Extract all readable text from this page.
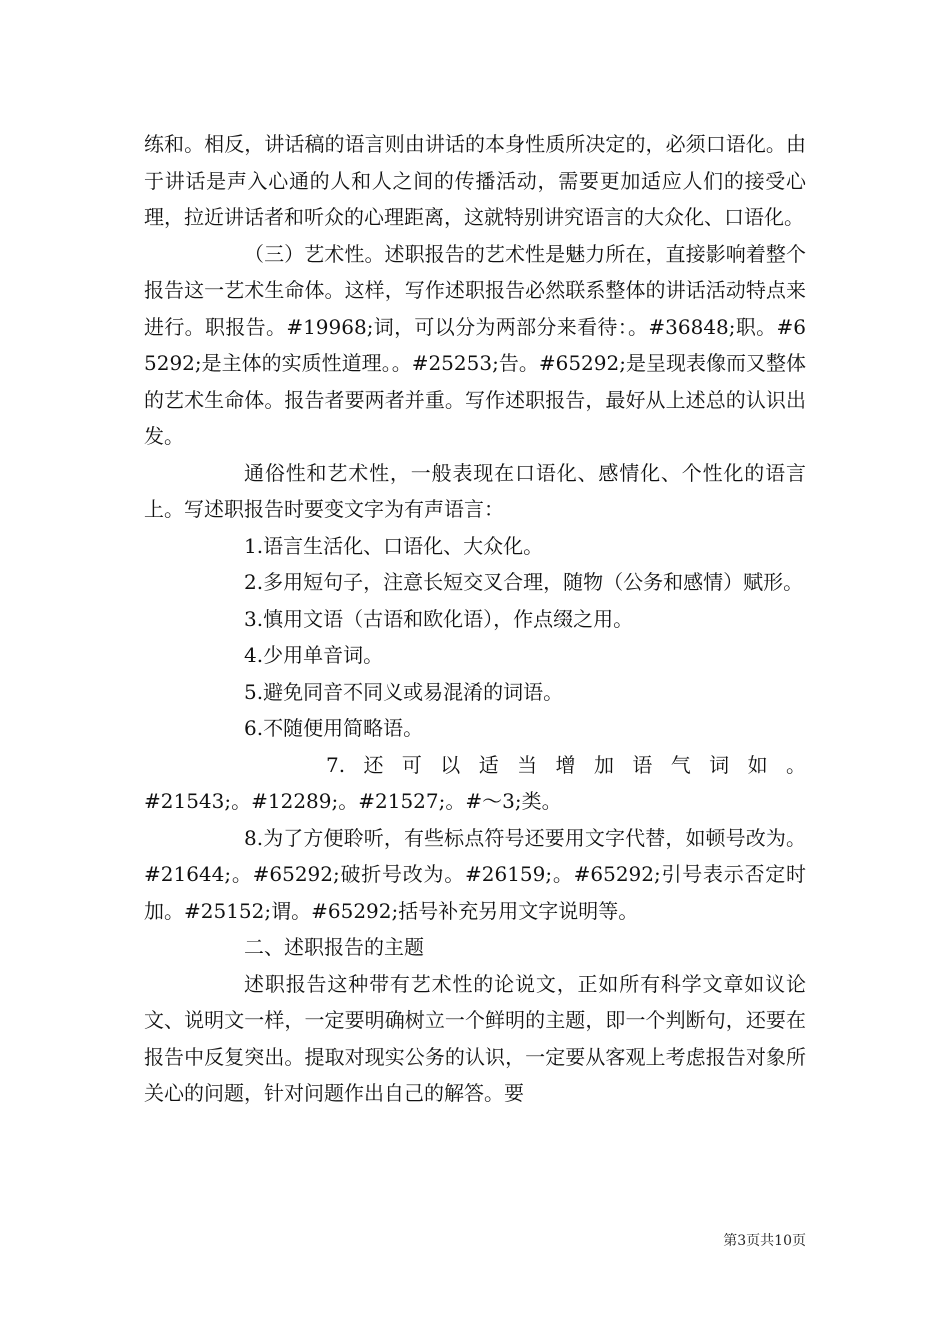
练和。相反，讲话稿的语言则由讲话的本身性质所决定的，必须口语化。由于讲话是声入心通的人和人之间的传播活动，需要更加适应人们的接受心理，拉近讲话者和听众的心理距离，这就特别讲究语言的大众化、口语化。

（三）艺术性。述职报告的艺术性是魅力所在，直接影响着整个报告这一艺术生命体。这样，写作述职报告必然联系整体的讲话活动特点来进行。职报告。#19968;词，可以分为两部分来看待：。#36848;职。#65292;是主体的实质性道理。。#25253;告。#65292;是呈现表像而又整体的艺术生命体。报告者要两者并重。写作述职报告，最好从上述总的认识出发。

通俗性和艺术性，一般表现在口语化、感情化、个性化的语言上。写述职报告时要变文字为有声语言：

1.语言生活化、口语化、大众化。

2.多用短句子，注意长短交叉合理，随物（公务和感情）赋形。

3.慎用文语（古语和欧化语），作点缀之用。

4.少用单音词。

5.避免同音不同义或易混淆的词语。

6.不随便用简略语。

7.还可以适当增加语气词如。

#21543;。#12289;。#21527;。#～3;类。

8.为了方便聆听，有些标点符号还要用文字代替，如顿号改为。#21644;。#65292;破折号改为。#26159;。#65292;引号表示否定时加。#25152;谓。#65292;括号补充另用文字说明等。

二、述职报告的主题

述职报告这种带有艺术性的论说文，正如所有科学文章如议论文、说明文一样，一定要明确树立一个鲜明的主题，即一个判断句，还要在报告中反复突出。提取对现实公务的认识，一定要从客观上考虑报告对象所关心的问题，针对问题作出自己的解答。要

第3页共10页
